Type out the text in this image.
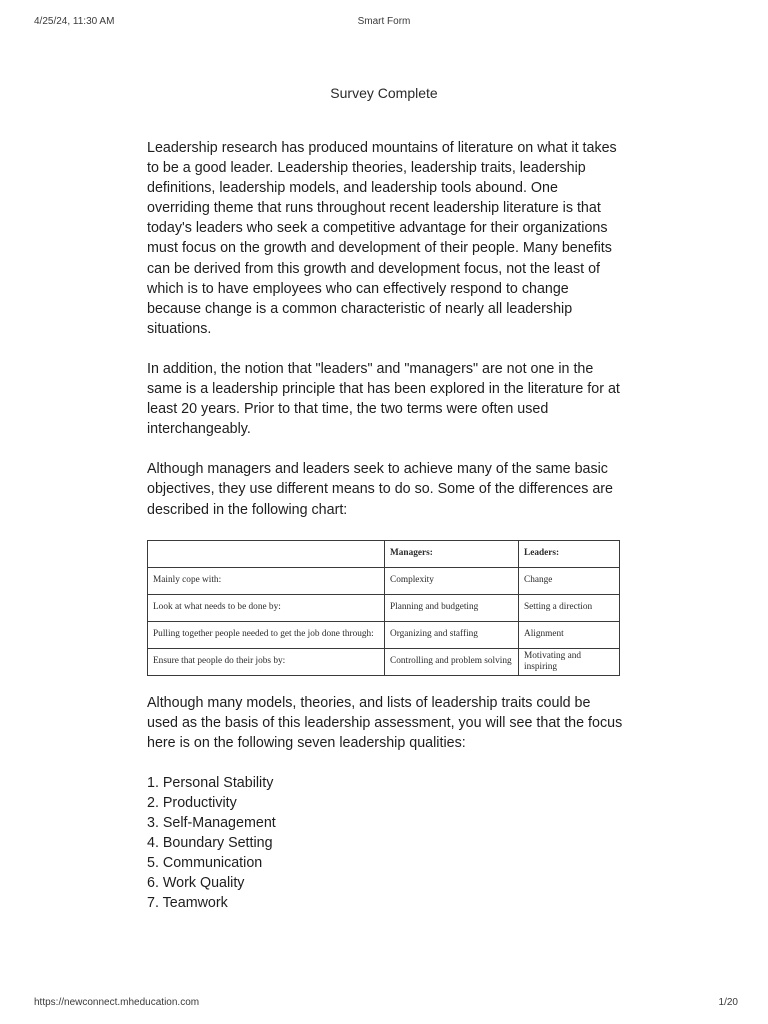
4/25/24, 11:30 AM	Smart Form
Survey Complete

Leadership research has produced mountains of literature on what it takes to be a good leader. Leadership theories, leadership traits, leadership definitions, leadership models, and leadership tools abound. One overriding theme that runs throughout recent leadership literature is that today's leaders who seek a competitive advantage for their organizations must focus on the growth and development of their people. Many benefits can be derived from this growth and development focus, not the least of which is to have employees who can effectively respond to change because change is a common characteristic of nearly all leadership situations.

In addition, the notion that "leaders" and "managers" are not one in the same is a leadership principle that has been explored in the literature for at least 20 years. Prior to that time, the two terms were often used interchangeably.

Although managers and leaders seek to achieve many of the same basic objectives, they use different means to do so. Some of the differences are described in the following chart:

	Managers:	Leaders:
Mainly cope with:	Complexity	Change
Look at what needs to be done by:	Planning and budgeting	Setting a direction
Pulling together people needed to get the job done through:	Organizing and staffing	Alignment
Ensure that people do their jobs by:	Controlling and problem solving	Motivating and inspiring

Although many models, theories, and lists of leadership traits could be used as the basis of this leadership assessment, you will see that the focus here is on the following seven leadership qualities:

1. Personal Stability
2. Productivity
3. Self-Management
4. Boundary Setting
5. Communication
6. Work Quality
7. Teamwork
https://newconnect.mheducation.com	1/20
